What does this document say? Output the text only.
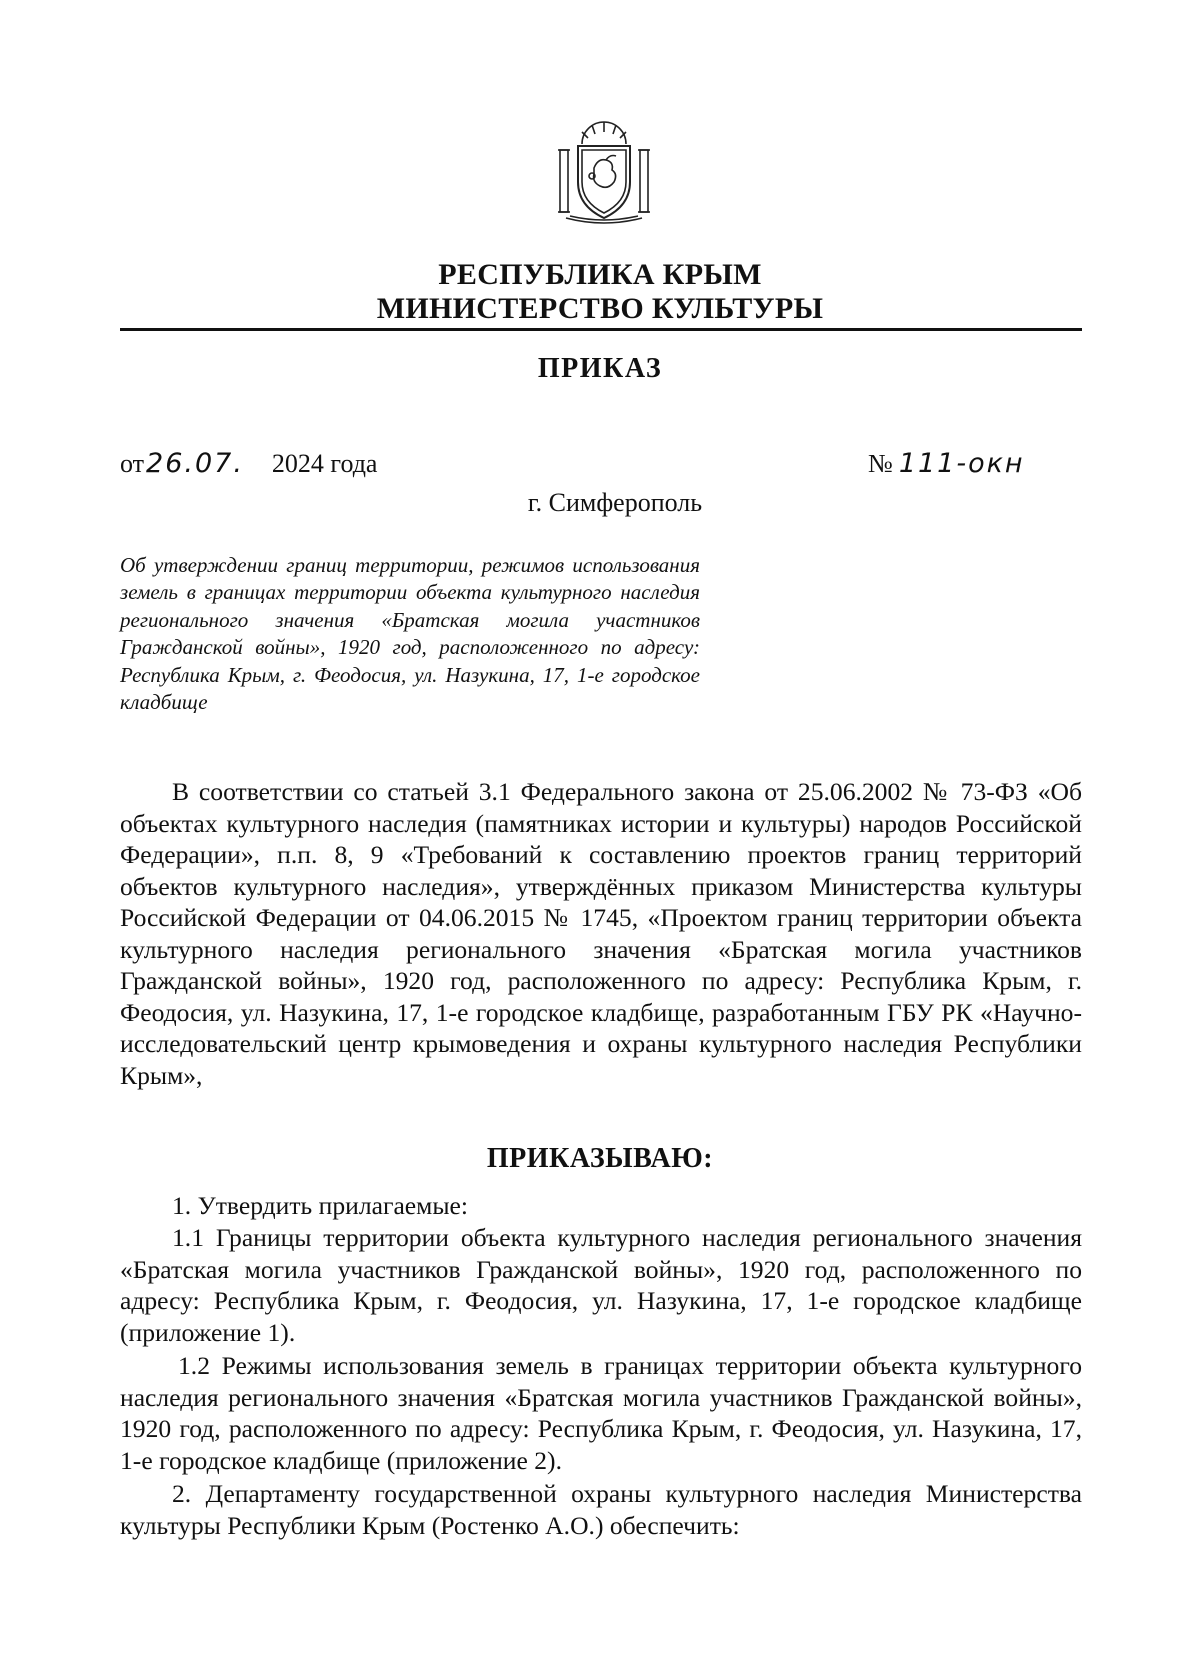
РЕСПУБЛИКА КРЫМ
МИНИСТЕРСТВО КУЛЬТУРЫ
ПРИКАЗ
от26.07. 2024 года	№ 111-окн
г. Симферополь
Об утверждении границ территории, режимов использования земель в границах территории объекта культурного наследия регионального значения «Братская могила участников Гражданской войны», 1920 год, расположенного по адресу: Республика Крым, г. Феодосия, ул. Назукина, 17, 1-е городское кладбище
В соответствии со статьей 3.1 Федерального закона от 25.06.2002 № 73-ФЗ «Об объектах культурного наследия (памятниках истории и культуры) народов Российской Федерации», п.п. 8, 9 «Требований к составлению проектов границ территорий объектов культурного наследия», утверждённых приказом Министерства культуры Российской Федерации от 04.06.2015 № 1745, «Проектом границ территории объекта культурного наследия регионального значения «Братская могила участников Гражданской войны», 1920 год, расположенного по адресу: Республика Крым, г. Феодосия, ул. Назукина, 17, 1-е городское кладбище, разработанным ГБУ РК «Научно-исследовательский центр крымоведения и охраны культурного наследия Республики Крым»,
ПРИКАЗЫВАЮ:
1. Утвердить прилагаемые:
1.1 Границы территории объекта культурного наследия регионального значения «Братская могила участников Гражданской войны», 1920 год, расположенного по адресу: Республика Крым, г. Феодосия, ул. Назукина, 17, 1-е городское кладбище (приложение 1).
1.2 Режимы использования земель в границах территории объекта культурного наследия регионального значения «Братская могила участников Гражданской войны», 1920 год, расположенного по адресу: Республика Крым, г. Феодосия, ул. Назукина, 17, 1-е городское кладбище (приложение 2).
2. Департаменту государственной охраны культурного наследия Министерства культуры Республики Крым (Ростенко А.О.) обеспечить:
